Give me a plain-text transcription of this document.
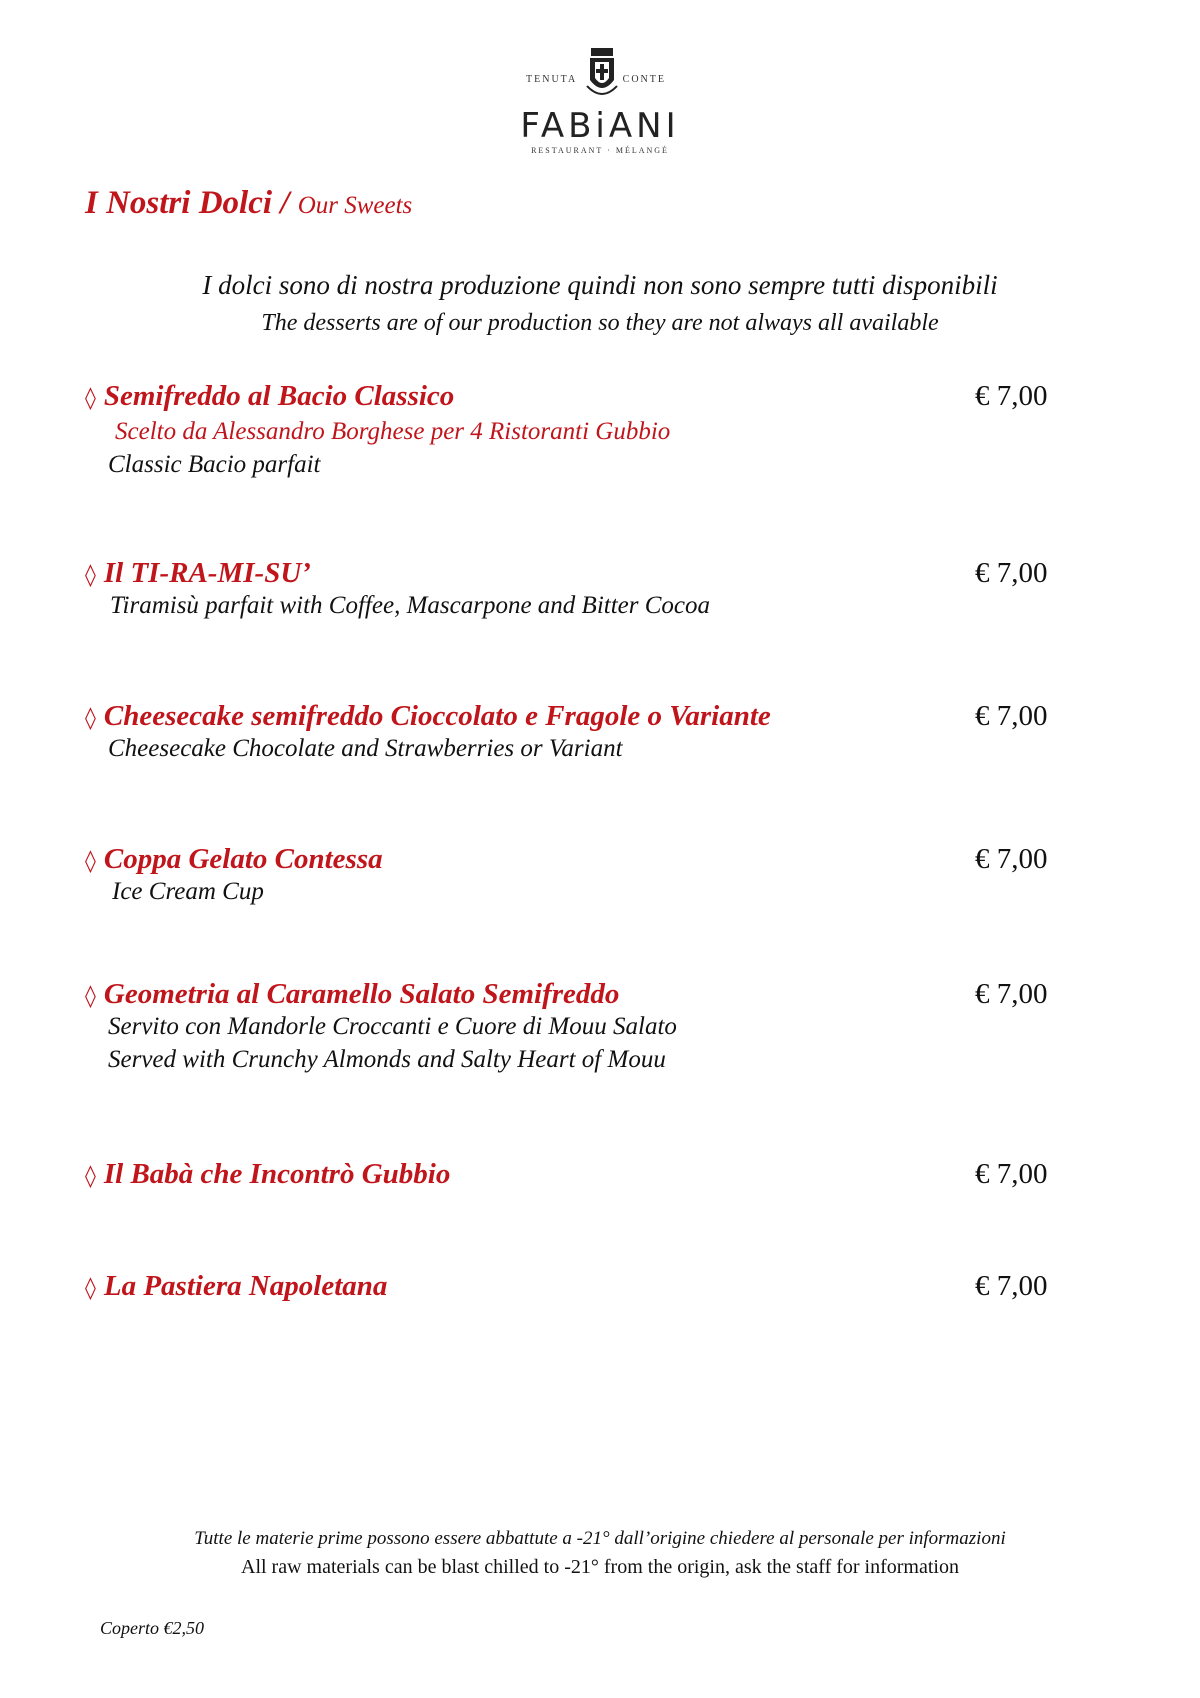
TENUTA	CONTE
FABiANI
RESTAURANT · MÉLANGÉ
I Nostri Dolci / Our Sweets
I dolci sono di nostra produzione quindi non sono sempre tutti disponibili
The desserts are of our production so they are not always all available
◊ Semifreddo al Bacio Classico	€ 7,00
Scelto da Alessandro Borghese per 4 Ristoranti Gubbio
Classic Bacio parfait
◊ Il TI-RA-MI-SU’	€ 7,00
Tiramisù parfait with Coffee, Mascarpone and Bitter Cocoa
◊ Cheesecake semifreddo Cioccolato e Fragole o Variante	€ 7,00
Cheesecake Chocolate and Strawberries or Variant
◊ Coppa Gelato Contessa	€ 7,00
Ice Cream Cup
◊ Geometria al Caramello Salato Semifreddo	€ 7,00
Servito con Mandorle Croccanti e Cuore di Mouu Salato
Served with Crunchy Almonds and Salty Heart of Mouu
◊ Il Babà che Incontrò Gubbio	€ 7,00
◊ La Pastiera Napoletana	€ 7,00
Tutte le materie prime possono essere abbattute a -21° dall’origine chiedere al personale per informazioni
All raw materials can be blast chilled to -21° from the origin, ask the staff for information
Coperto €2,50
